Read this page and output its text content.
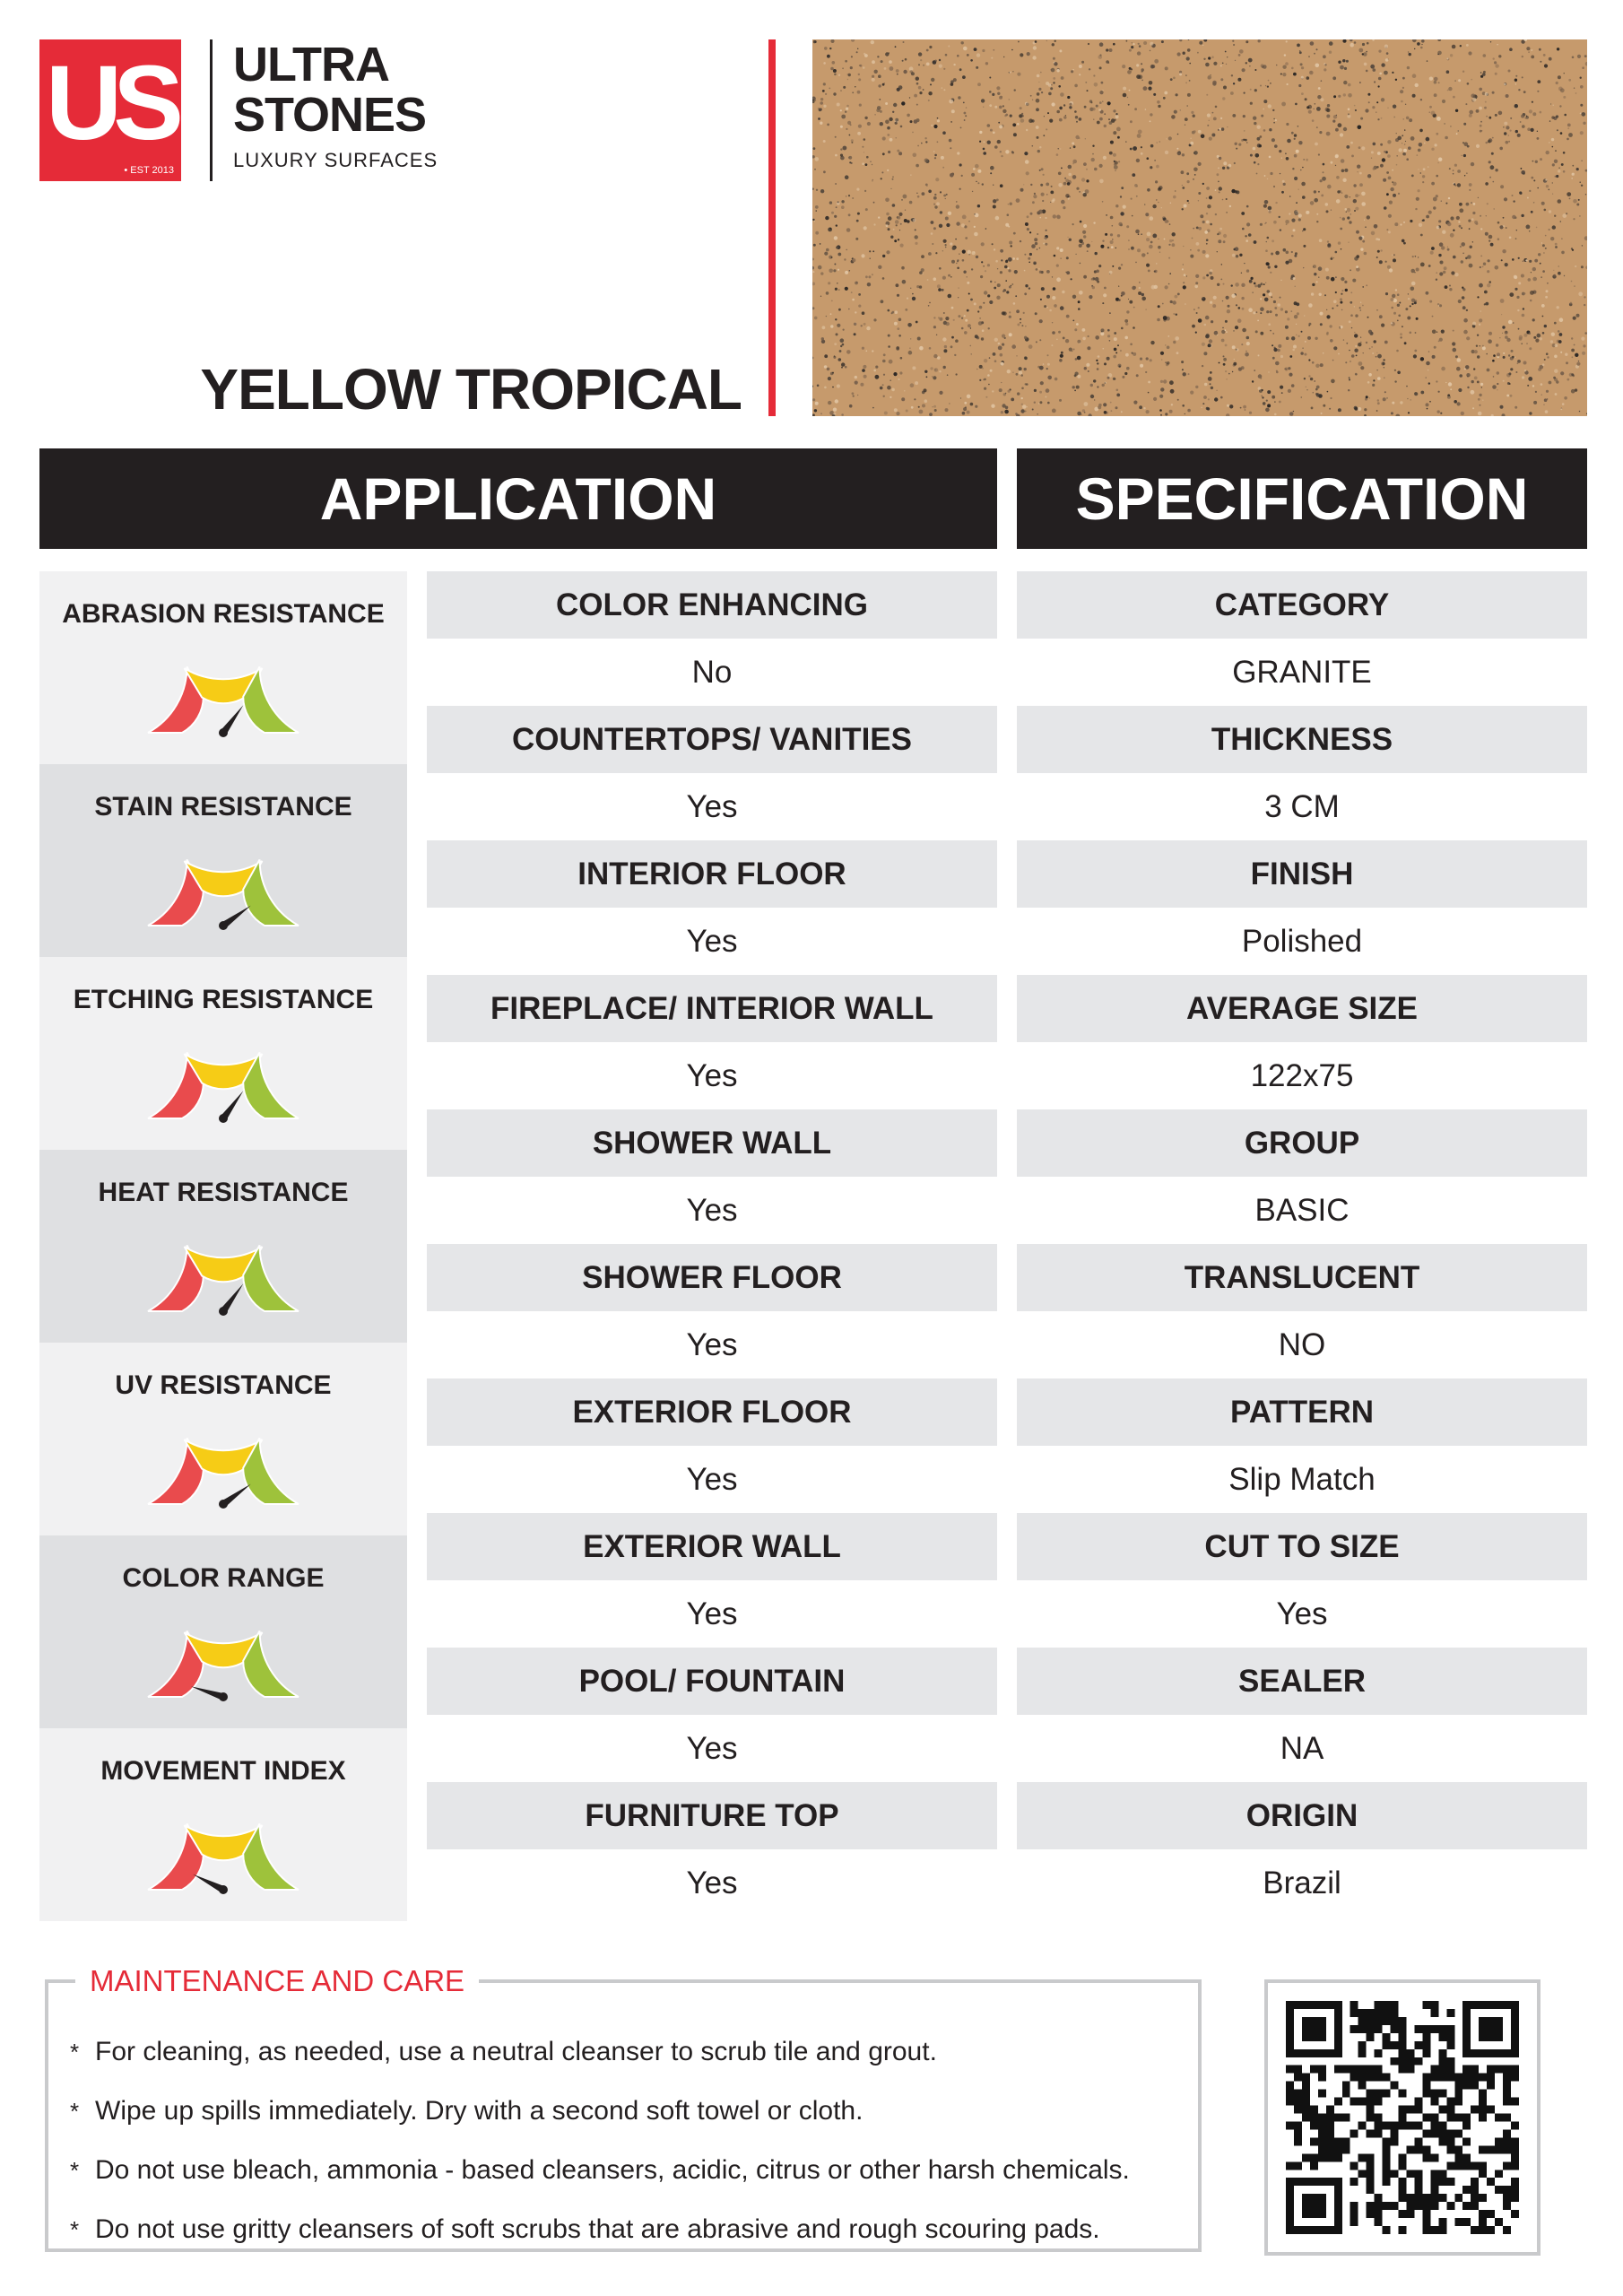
US
• EST 2013
ULTRA
STONES
LUXURY SURFACES
YELLOW TROPICAL
APPLICATION	SPECIFICATION
ABRASION RESISTANCE
STAIN RESISTANCE
ETCHING RESISTANCE
HEAT RESISTANCE
UV RESISTANCE
COLOR RANGE
MOVEMENT INDEX
COLOR ENHANCING
No
COUNTERTOPS/ VANITIES
Yes
INTERIOR FLOOR
Yes
FIREPLACE/ INTERIOR WALL
Yes
SHOWER WALL
Yes
SHOWER FLOOR
Yes
EXTERIOR FLOOR
Yes
EXTERIOR WALL
Yes
POOL/ FOUNTAIN
Yes
FURNITURE TOP
Yes
CATEGORY
GRANITE
THICKNESS
3 CM
FINISH
Polished
AVERAGE SIZE
122x75
GROUP
BASIC
TRANSLUCENT
NO
PATTERN
Slip Match
CUT TO SIZE
Yes
SEALER
NA
ORIGIN
Brazil
MAINTENANCE AND CARE
* For cleaning, as needed, use a neutral cleanser to scrub tile and grout.
* Wipe up spills immediately. Dry with a second soft towel or cloth.
* Do not use bleach, ammonia - based cleansers, acidic, citrus or other harsh chemicals.
* Do not use gritty cleansers of soft scrubs that are abrasive and rough scouring pads.
